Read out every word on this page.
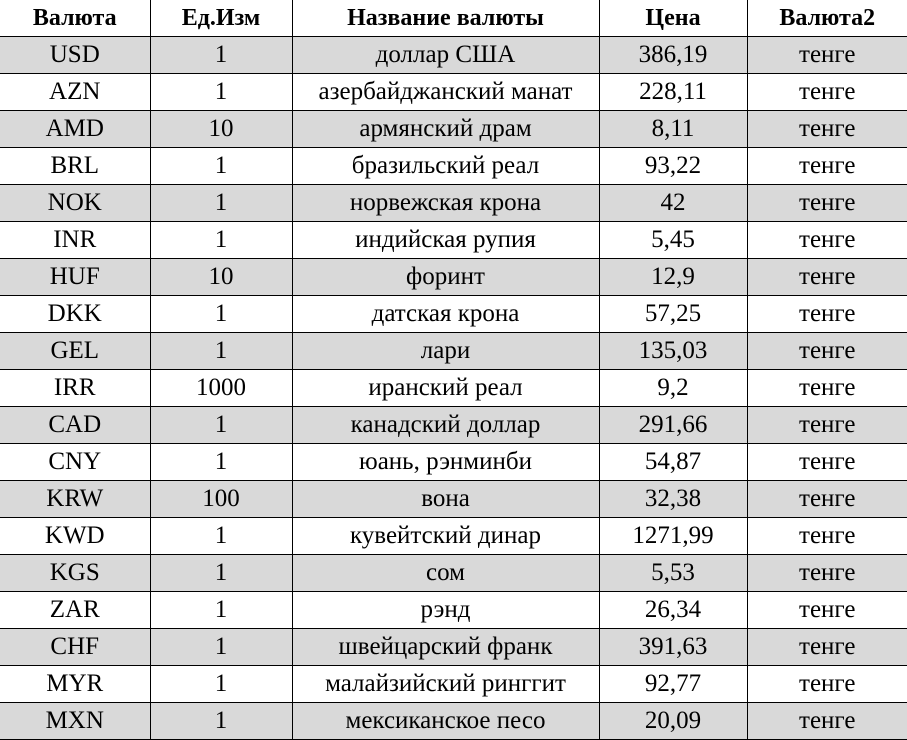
Валюта	Ед.Изм	Название валюты	Цена	Валюта2
USD	1	доллар США	386,19	тенге
AZN	1	азербайджанский манат	228,11	тенге
AMD	10	армянский драм	8,11	тенге
BRL	1	бразильский реал	93,22	тенге
NOK	1	норвежская крона	42	тенге
INR	1	индийская рупия	5,45	тенге
HUF	10	форинт	12,9	тенге
DKK	1	датская крона	57,25	тенге
GEL	1	лари	135,03	тенге
IRR	1000	иранский реал	9,2	тенге
CAD	1	канадский доллар	291,66	тенге
CNY	1	юань, рэнминби	54,87	тенге
KRW	100	вона	32,38	тенге
KWD	1	кувейтский динар	1271,99	тенге
KGS	1	сом	5,53	тенге
ZAR	1	рэнд	26,34	тенге
CHF	1	швейцарский франк	391,63	тенге
MYR	1	малайзийский ринггит	92,77	тенге
MXN	1	мексиканское песо	20,09	тенге
